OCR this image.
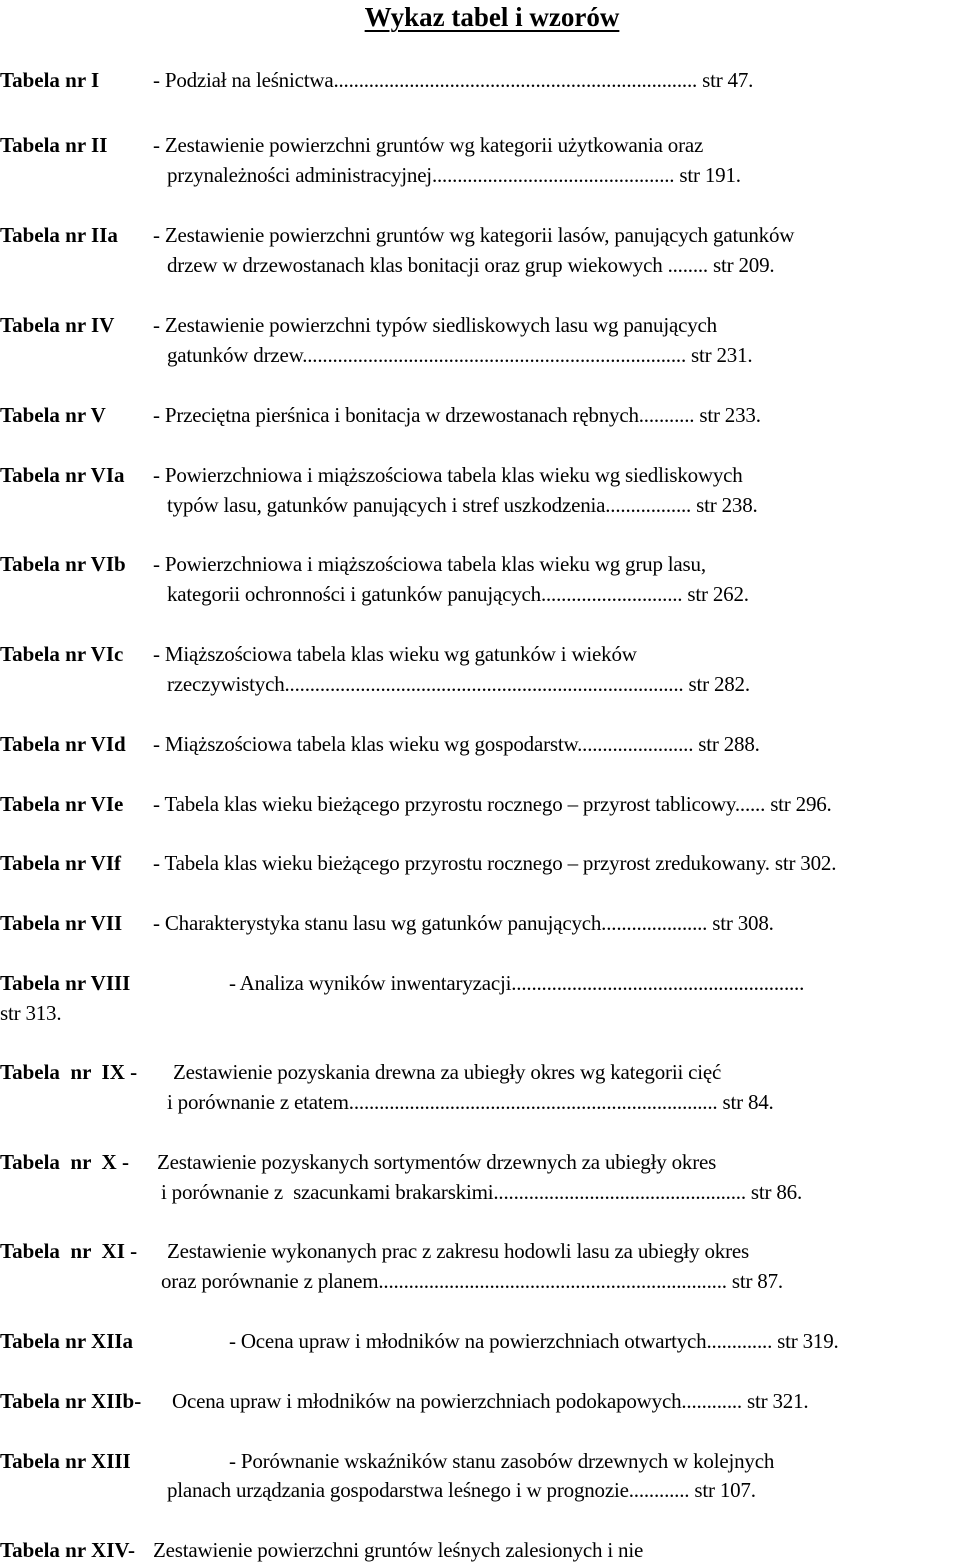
Wykaz tabel i wzorów
Tabela nr I	- Podział na leśnictwa........................................................................ str 47.
Tabela nr II - Zestawienie powierzchni gruntów wg kategorii użytkowania oraz
przynależności administracyjnej................................................ str 191.
Tabela nr IIa - Zestawienie powierzchni gruntów wg kategorii lasów, panujących gatunków
drzew w drzewostanach klas bonitacji oraz grup wiekowych ........ str 209.
Tabela nr IV - Zestawienie powierzchni typów siedliskowych lasu wg panujących
gatunków drzew............................................................................ str 231.
Tabela nr V - Przeciętna pierśnica i bonitacja w drzewostanach rębnych........... str 233.
Tabela nr VIa - Powierzchniowa i miąższościowa tabela klas wieku wg siedliskowych
typów lasu, gatunków panujących i stref uszkodzenia................. str 238.
Tabela nr VIb - Powierzchniowa i miąższościowa tabela klas wieku wg grup lasu,
kategorii ochronności i gatunków panujących............................ str 262.
Tabela nr VIc - Miąższościowa tabela klas wieku wg gatunków i wieków
rzeczywistych............................................................................... str 282.
Tabela nr VId - Miąższościowa tabela klas wieku wg gospodarstw....................... str 288.
Tabela nr VIe - Tabela klas wieku bieżącego przyrostu rocznego – przyrost tablicowy...... str 296.
Tabela nr VIf - Tabela klas wieku bieżącego przyrostu rocznego – przyrost zredukowany. str 302.
Tabela nr VII - Charakterystyka stanu lasu wg gatunków panujących..................... str 308.
Tabela nr VIII	- Analiza wyników inwentaryzacji..........................................................
str 313.
Tabela  nr  IX - Zestawienie pozyskania drewna za ubiegły okres wg kategorii cięć
i porównanie z etatem......................................................................... str 84.
Tabela  nr  X - Zestawienie pozyskanych sortymentów drzewnych za ubiegły okres
i porównanie z  szacunkami brakarskimi.................................................. str 86.
Tabela  nr  XI - Zestawienie wykonanych prac z zakresu hodowli lasu za ubiegły okres
oraz porównanie z planem..................................................................... str 87.
Tabela nr XIIa	- Ocena upraw i młodników na powierzchniach otwartych............. str 319.
Tabela nr XIIb- Ocena upraw i młodników na powierzchniach podokapowych............ str 321.
Tabela nr XIII	- Porównanie wskaźników stanu zasobów drzewnych w kolejnych
planach urządzania gospodarstwa leśnego i w prognozie............ str 107.
Tabela nr XIV- Zestawienie powierzchni gruntów leśnych zalesionych i nie
